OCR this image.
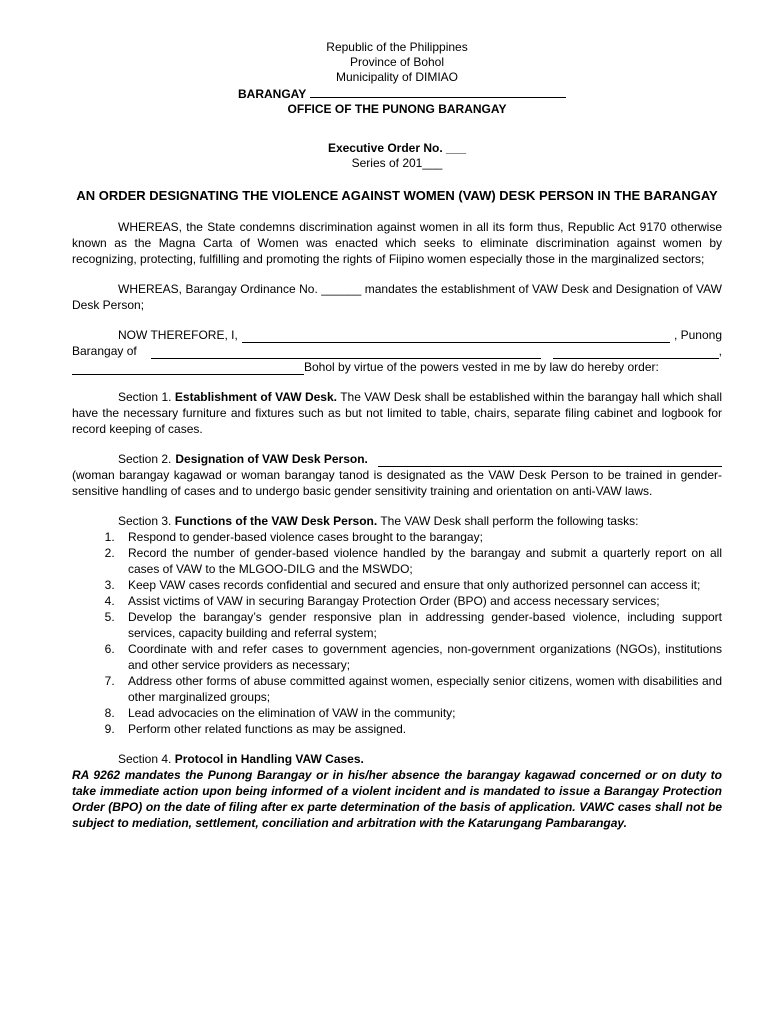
Republic of the Philippines
Province of Bohol
Municipality of DIMIAO
BARANGAY
OFFICE OF THE PUNONG BARANGAY
Executive Order No. ___
Series of 201___
AN ORDER DESIGNATING THE VIOLENCE AGAINST WOMEN (VAW) DESK PERSON IN THE BARANGAY

WHEREAS, the State condemns discrimination against women in all its form thus, Republic Act 9170 otherwise known as the Magna Carta of Women was enacted which seeks to eliminate discrimination against women by recognizing, protecting, fulfilling and promoting the rights of Fiipino women especially those in the marginalized sectors;

WHEREAS, Barangay Ordinance No. ______ mandates the establishment of VAW Desk and Designation of VAW Desk Person;

NOW THEREFORE, I,	, Punong
Barangay of	,
Bohol by virtue of the powers vested in me by law do hereby order:

Section 1. Establishment of VAW Desk. The VAW Desk shall be established within the barangay hall which shall have the necessary furniture and fixtures such as but not limited to table, chairs, separate filing cabinet and logbook for record keeping of cases.

Section 2. Designation of VAW Desk Person.
(woman barangay kagawad or woman barangay tanod is designated as the VAW Desk Person to be trained in gender-sensitive handling of cases and to undergo basic gender sensitivity training and orientation on anti-VAW laws.
Section 3. Functions of the VAW Desk Person. The VAW Desk shall perform the following tasks:
1. Respond to gender-based violence cases brought to the barangay;
2. Record the number of gender-based violence handled by the barangay and submit a quarterly report on all cases of VAW to the MLGOO-DILG and the MSWDO;
3. Keep VAW cases records confidential and secured and ensure that only authorized personnel can access it;
4. Assist victims of VAW in securing Barangay Protection Order (BPO) and access necessary services;
5. Develop the barangay’s gender responsive plan in addressing gender-based violence, including support services, capacity building and referral system;
6. Coordinate with and refer cases to government agencies, non-government organizations (NGOs), institutions and other service providers as necessary;
7. Address other forms of abuse committed against women, especially senior citizens, women with disabilities and other marginalized groups;
8. Lead advocacies on the elimination of VAW in the community;
9. Perform other related functions as may be assigned.
Section 4. Protocol in Handling VAW Cases.
RA 9262 mandates the Punong Barangay or in his/her absence the barangay kagawad concerned or on duty to take immediate action upon being informed of a violent incident and is mandated to issue a Barangay Protection Order (BPO) on the date of filing after ex parte determination of the basis of application. VAWC cases shall not be subject to mediation, settlement, conciliation and arbitration with the Katarungang Pambarangay.
